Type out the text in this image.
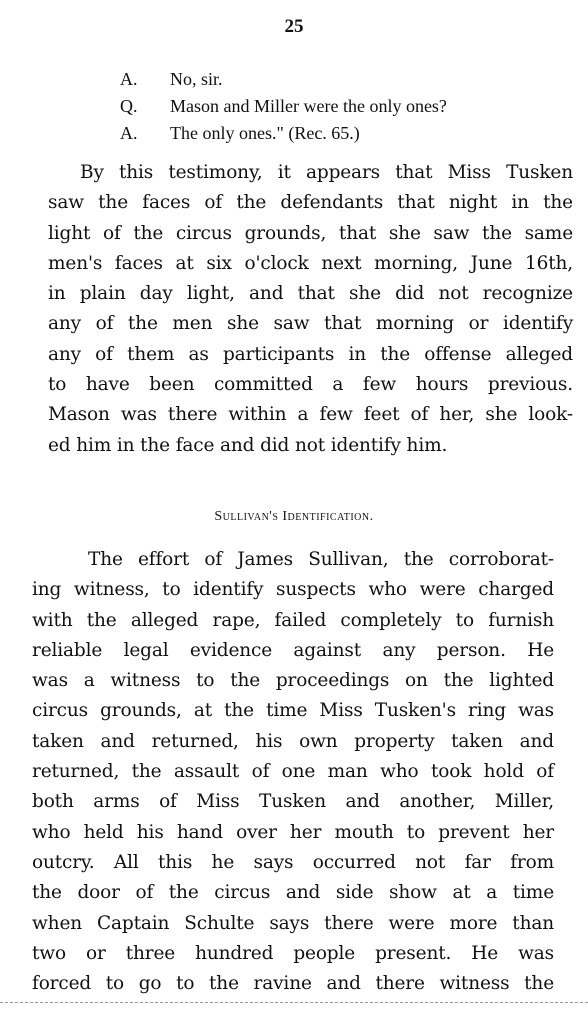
25
A.	No, sir.
Q.	Mason and Miller were the only ones?
A.	The only ones." (Rec. 65.)
By this testimony, it appears that Miss Tusken
saw the faces of the defendants that night in the
light of the circus grounds, that she saw the same
men's faces at six o'clock next morning, June 16th,
in plain day light, and that she did not recognize
any of the men she saw that morning or identify
any of them as participants in the offense alleged
to have been committed a few hours previous.
Mason was there within a few feet of her, she look-
ed him in the face and did not identify him.
Sullivan's Identification.
The effort of James Sullivan, the corroborat-
ing witness, to identify suspects who were charged
with the alleged rape, failed completely to furnish
reliable legal evidence against any person. He
was a witness to the proceedings on the lighted
circus grounds, at the time Miss Tusken's ring was
taken and returned, his own property taken and
returned, the assault of one man who took hold of
both arms of Miss Tusken and another, Miller,
who held his hand over her mouth to prevent her
outcry. All this he says occurred not far from
the door of the circus and side show at a time
when Captain Schulte says there were more than
two or three hundred people present. He was
forced to go to the ravine and there witness the
